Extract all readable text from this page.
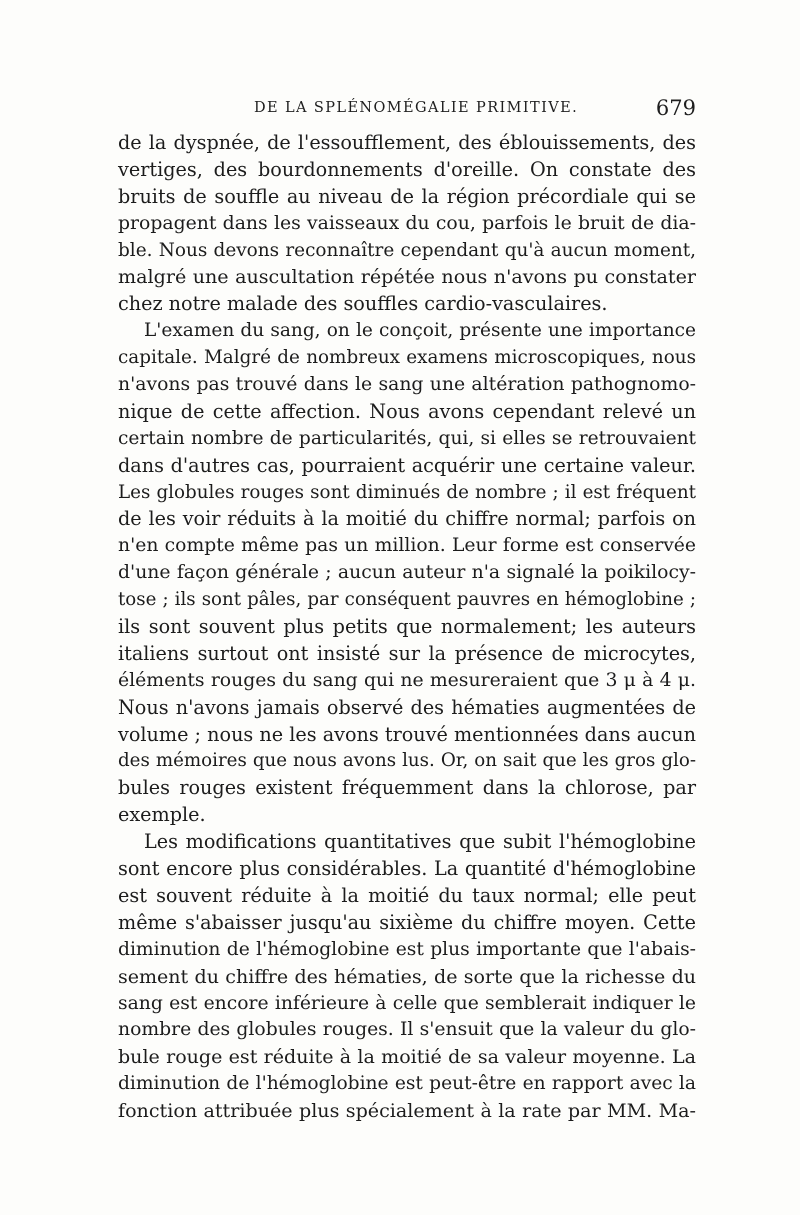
DE LA SPLÉNOMÉGALIE PRIMITIVE.	679
de la dyspnée, de l'essoufflement, des éblouissements, des
vertiges, des bourdonnements d'oreille. On constate des
bruits de souffle au niveau de la région précordiale qui se
propagent dans les vaisseaux du cou, parfois le bruit de dia-
ble. Nous devons reconnaître cependant qu'à aucun moment,
malgré une auscultation répétée nous n'avons pu constater
chez notre malade des souffles cardio-vasculaires.
L'examen du sang, on le conçoit, présente une importance
capitale. Malgré de nombreux examens microscopiques, nous
n'avons pas trouvé dans le sang une altération pathognomo-
nique de cette affection. Nous avons cependant relevé un
certain nombre de particularités, qui, si elles se retrouvaient
dans d'autres cas, pourraient acquérir une certaine valeur.
Les globules rouges sont diminués de nombre ; il est fréquent
de les voir réduits à la moitié du chiffre normal; parfois on
n'en compte même pas un million. Leur forme est conservée
d'une façon générale ; aucun auteur n'a signalé la poikilocy-
tose ; ils sont pâles, par conséquent pauvres en hémoglobine ;
ils sont souvent plus petits que normalement; les auteurs
italiens surtout ont insisté sur la présence de microcytes,
éléments rouges du sang qui ne mesureraient que 3 μ à 4 μ.
Nous n'avons jamais observé des hématies augmentées de
volume ; nous ne les avons trouvé mentionnées dans aucun
des mémoires que nous avons lus. Or, on sait que les gros glo-
bules rouges existent fréquemment dans la chlorose, par
exemple.
Les modifications quantitatives que subit l'hémoglobine
sont encore plus considérables. La quantité d'hémoglobine
est souvent réduite à la moitié du taux normal; elle peut
même s'abaisser jusqu'au sixième du chiffre moyen. Cette
diminution de l'hémoglobine est plus importante que l'abais-
sement du chiffre des hématies, de sorte que la richesse du
sang est encore inférieure à celle que semblerait indiquer le
nombre des globules rouges. Il s'ensuit que la valeur du glo-
bule rouge est réduite à la moitié de sa valeur moyenne. La
diminution de l'hémoglobine est peut-être en rapport avec la
fonction attribuée plus spécialement à la rate par MM. Ma-
